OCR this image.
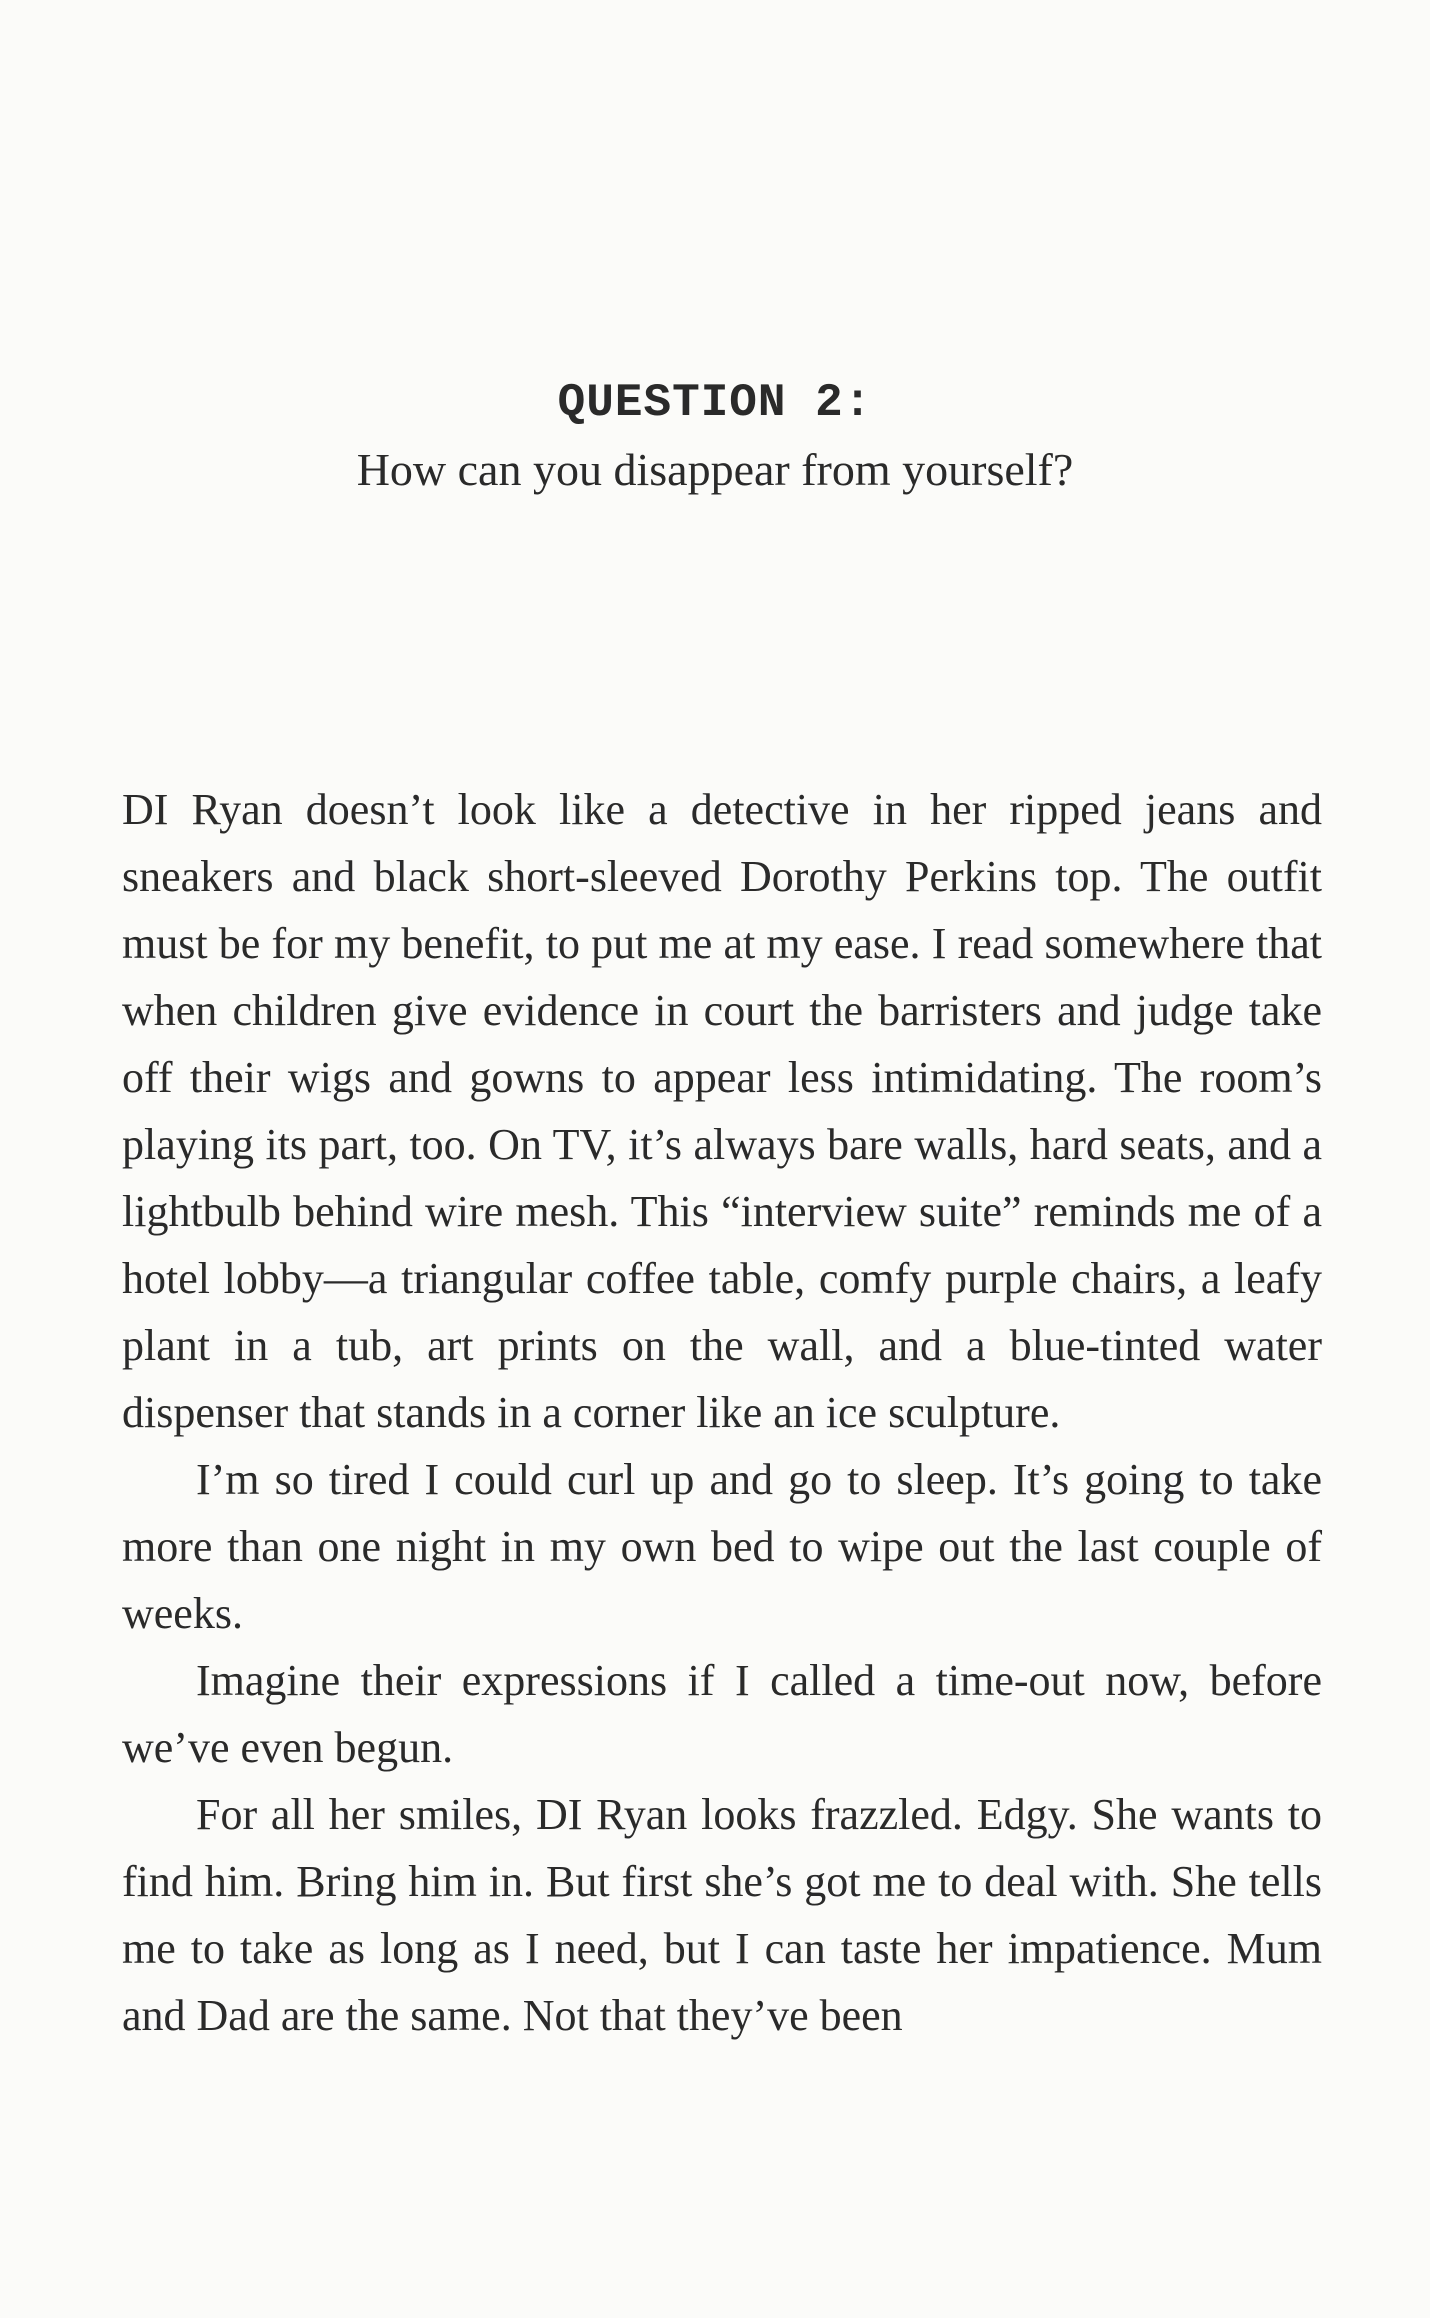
QUESTION 2:
How can you disappear from yourself?

DI Ryan doesn’t look like a detective in her ripped jeans and sneakers and black short-sleeved Dorothy Perkins top. The outfit must be for my benefit, to put me at my ease. I read somewhere that when children give evidence in court the barristers and judge take off their wigs and gowns to appear less intimidating. The room’s playing its part, too. On TV, it’s always bare walls, hard seats, and a lightbulb behind wire mesh. This “interview suite” reminds me of a hotel lobby—a triangular coffee table, comfy purple chairs, a leafy plant in a tub, art prints on the wall, and a blue-tinted water dispenser that stands in a corner like an ice sculpture.

I’m so tired I could curl up and go to sleep. It’s going to take more than one night in my own bed to wipe out the last couple of weeks.

Imagine their expressions if I called a time-out now, before we’ve even begun.

For all her smiles, DI Ryan looks frazzled. Edgy. She wants to find him. Bring him in. But first she’s got me to deal with. She tells me to take as long as I need, but I can taste her impatience. Mum and Dad are the same. Not that they’ve been
